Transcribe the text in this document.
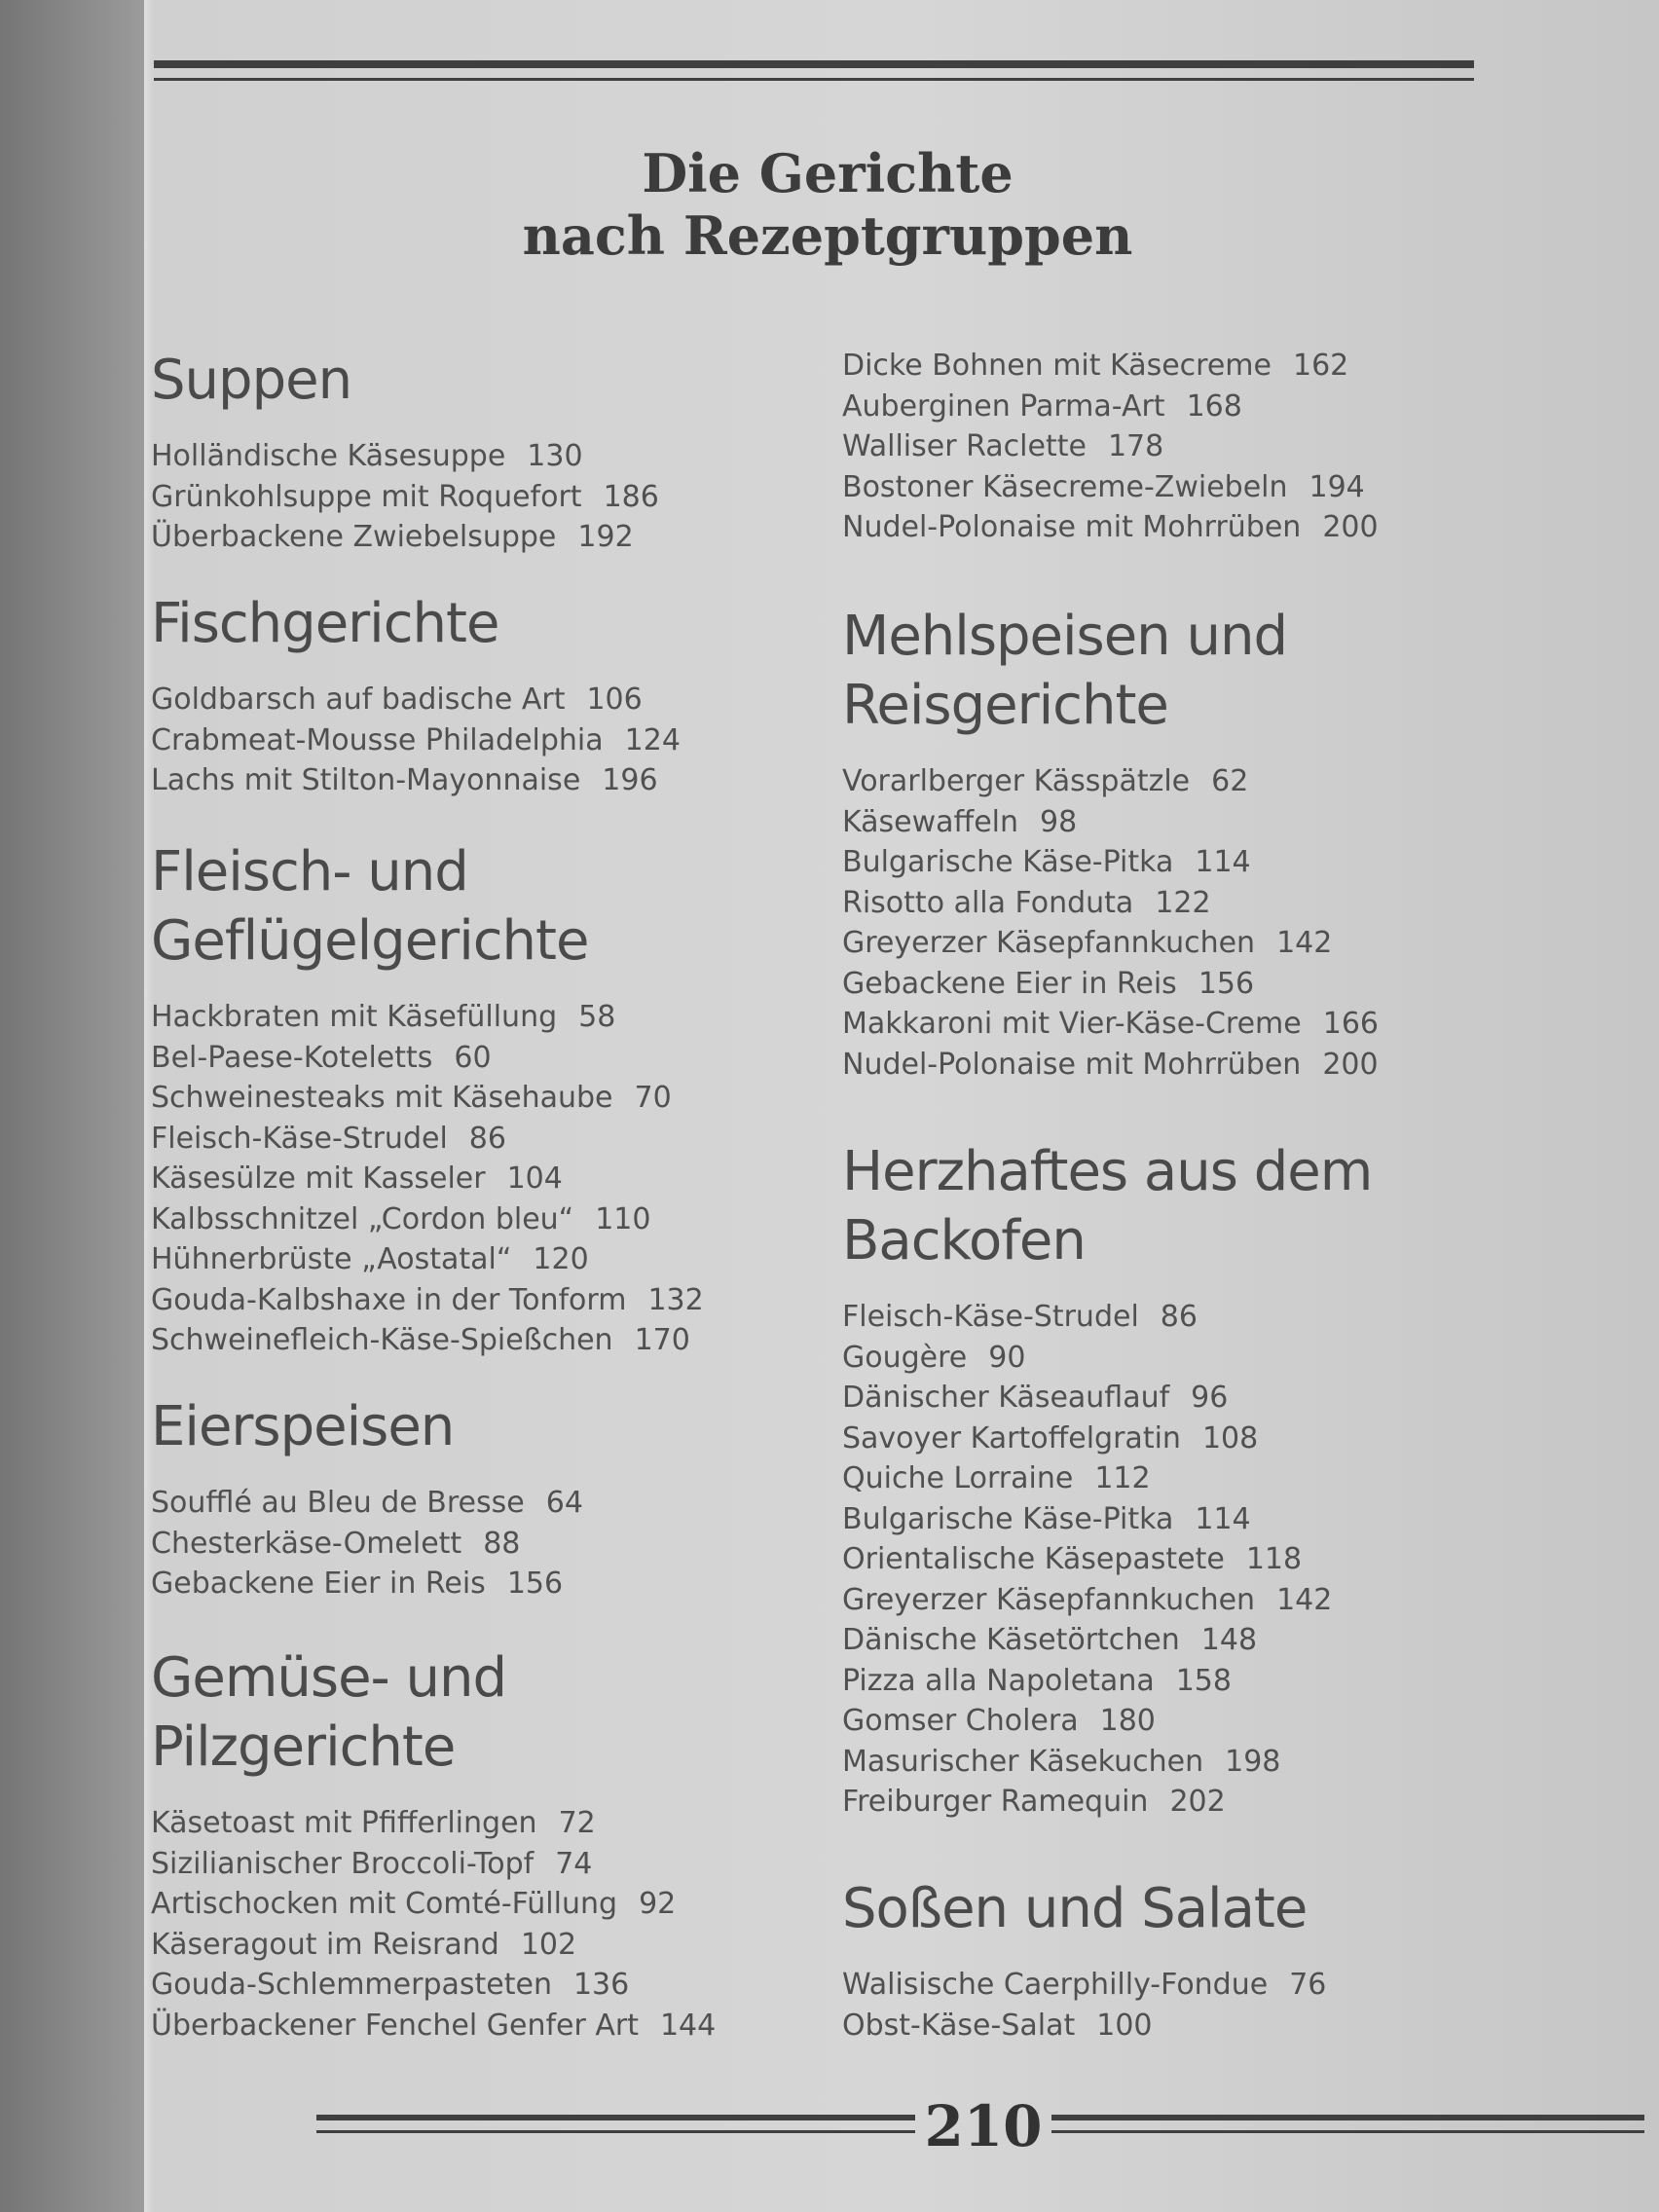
Die Gerichte
nach Rezeptgruppen
Suppen
Holländische Käsesuppe 130
Grünkohlsuppe mit Roquefort 186
Überbackene Zwiebelsuppe 192
Fischgerichte
Goldbarsch auf badische Art 106
Crabmeat-Mousse Philadelphia 124
Lachs mit Stilton-Mayonnaise 196
Fleisch- und
Geflügelgerichte
Hackbraten mit Käsefüllung 58
Bel-Paese-Koteletts 60
Schweinesteaks mit Käsehaube 70
Fleisch-Käse-Strudel 86
Käsesülze mit Kasseler 104
Kalbsschnitzel „Cordon bleu“ 110
Hühnerbrüste „Aostatal“ 120
Gouda-Kalbshaxe in der Tonform 132
Schweinefleich-Käse-Spießchen 170
Eierspeisen
Soufflé au Bleu de Bresse 64
Chesterkäse-Omelett 88
Gebackene Eier in Reis 156
Gemüse- und
Pilzgerichte
Käsetoast mit Pfifferlingen 72
Sizilianischer Broccoli-Topf 74
Artischocken mit Comté-Füllung 92
Käseragout im Reisrand 102
Gouda-Schlemmerpasteten 136
Überbackener Fenchel Genfer Art 144
Dicke Bohnen mit Käsecreme 162
Auberginen Parma-Art 168
Walliser Raclette 178
Bostoner Käsecreme-Zwiebeln 194
Nudel-Polonaise mit Mohrrüben 200
Mehlspeisen und
Reisgerichte
Vorarlberger Kässpätzle 62
Käsewaffeln 98
Bulgarische Käse-Pitka 114
Risotto alla Fonduta 122
Greyerzer Käsepfannkuchen 142
Gebackene Eier in Reis 156
Makkaroni mit Vier-Käse-Creme 166
Nudel-Polonaise mit Mohrrüben 200
Herzhaftes aus dem
Backofen
Fleisch-Käse-Strudel 86
Gougère 90
Dänischer Käseauflauf 96
Savoyer Kartoffelgratin 108
Quiche Lorraine 112
Bulgarische Käse-Pitka 114
Orientalische Käsepastete 118
Greyerzer Käsepfannkuchen 142
Dänische Käsetörtchen 148
Pizza alla Napoletana 158
Gomser Cholera 180
Masurischer Käsekuchen 198
Freiburger Ramequin 202
Soßen und Salate
Walisische Caerphilly-Fondue 76
Obst-Käse-Salat 100
210
